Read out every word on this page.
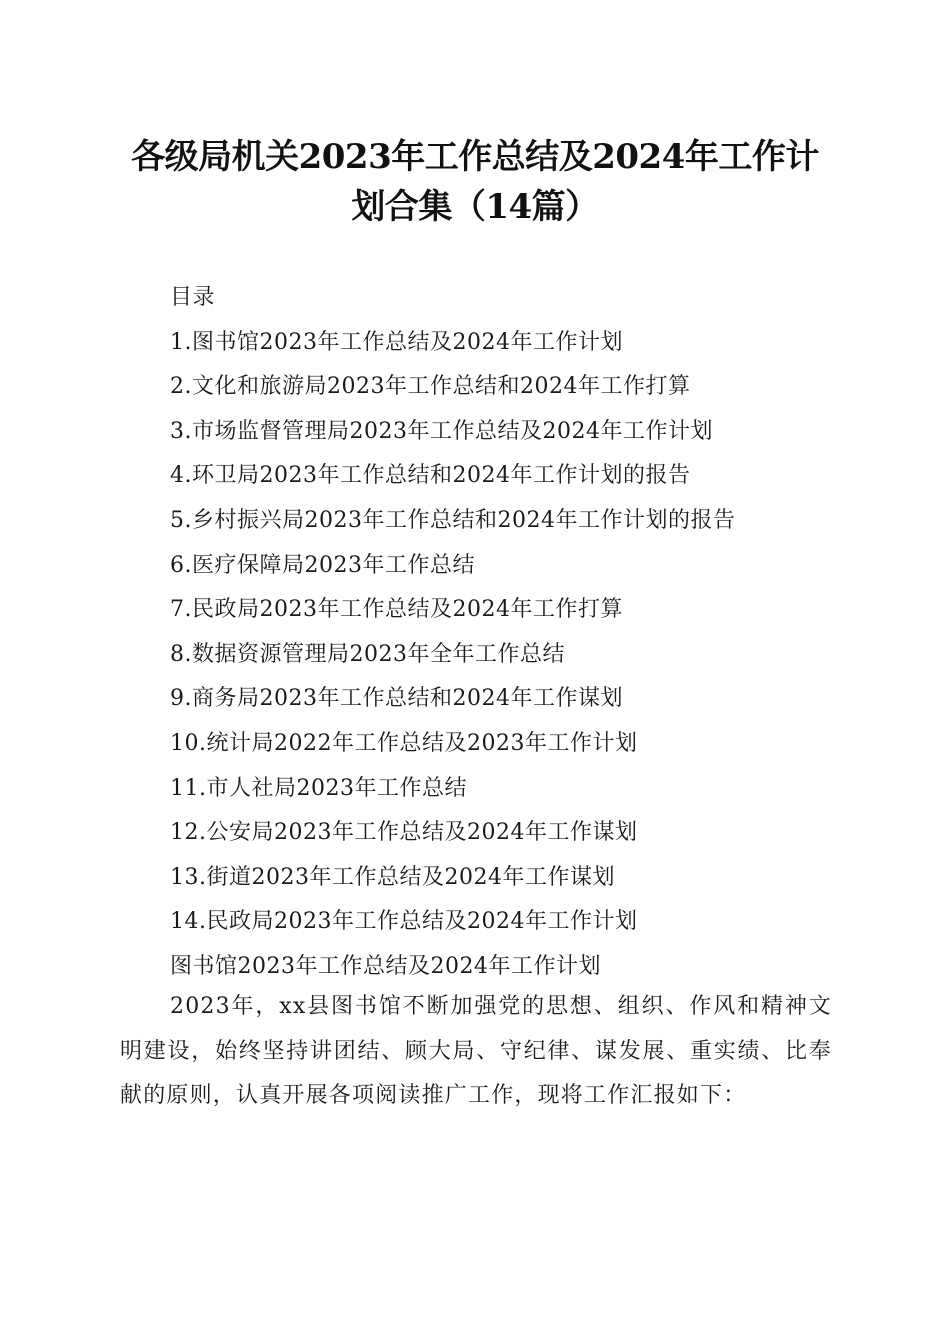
各级局机关2023年工作总结及2024年工作计
划合集（14篇）
目录
1.图书馆2023年工作总结及2024年工作计划
2.文化和旅游局2023年工作总结和2024年工作打算
3.市场监督管理局2023年工作总结及2024年工作计划
4.环卫局2023年工作总结和2024年工作计划的报告
5.乡村振兴局2023年工作总结和2024年工作计划的报告
6.医疗保障局2023年工作总结
7.民政局2023年工作总结及2024年工作打算
8.数据资源管理局2023年全年工作总结
9.商务局2023年工作总结和2024年工作谋划
10.统计局2022年工作总结及2023年工作计划
11.市人社局2023年工作总结
12.公安局2023年工作总结及2024年工作谋划
13.街道2023年工作总结及2024年工作谋划
14.民政局2023年工作总结及2024年工作计划
图书馆2023年工作总结及2024年工作计划

2023年，xx县图书馆不断加强党的思想、组织、作风和精神文明建设，始终坚持讲团结、顾大局、守纪律、谋发展、重实绩、比奉献的原则，认真开展各项阅读推广工作，现将工作汇报如下：
